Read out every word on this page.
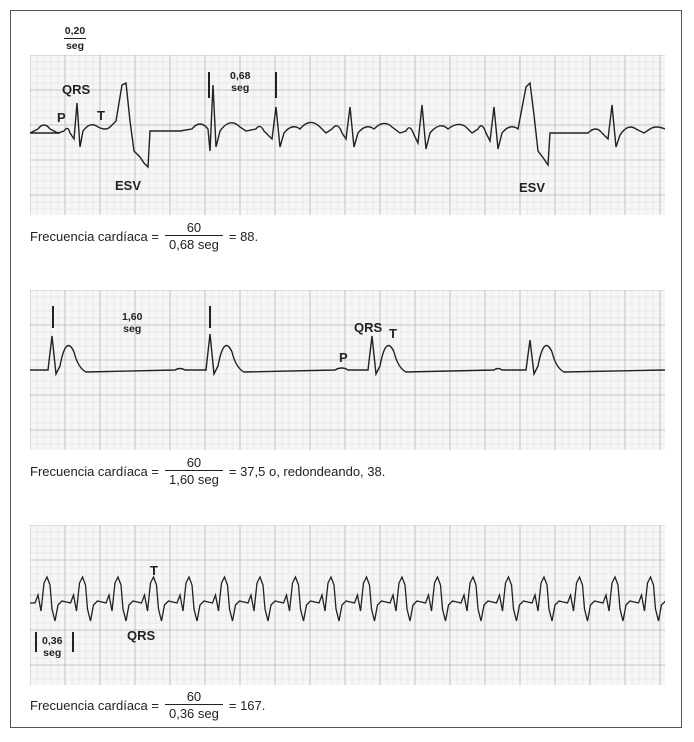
0,20
seg
0,68
seg
QRS
P T
ESV	ESV
Frecuencia cardíaca = $\frac{60}{\text{0,68 seg}} = 88$.
1,60
seg	QRS T
P
Frecuencia cardíaca = $\frac{60}{\text{1,60 seg}} = 37,5$ o, redondeando, 38.
T
QRS
0,36
seg
Frecuencia cardíaca = $\frac{60}{\text{0,36 seg}} = 167$.
